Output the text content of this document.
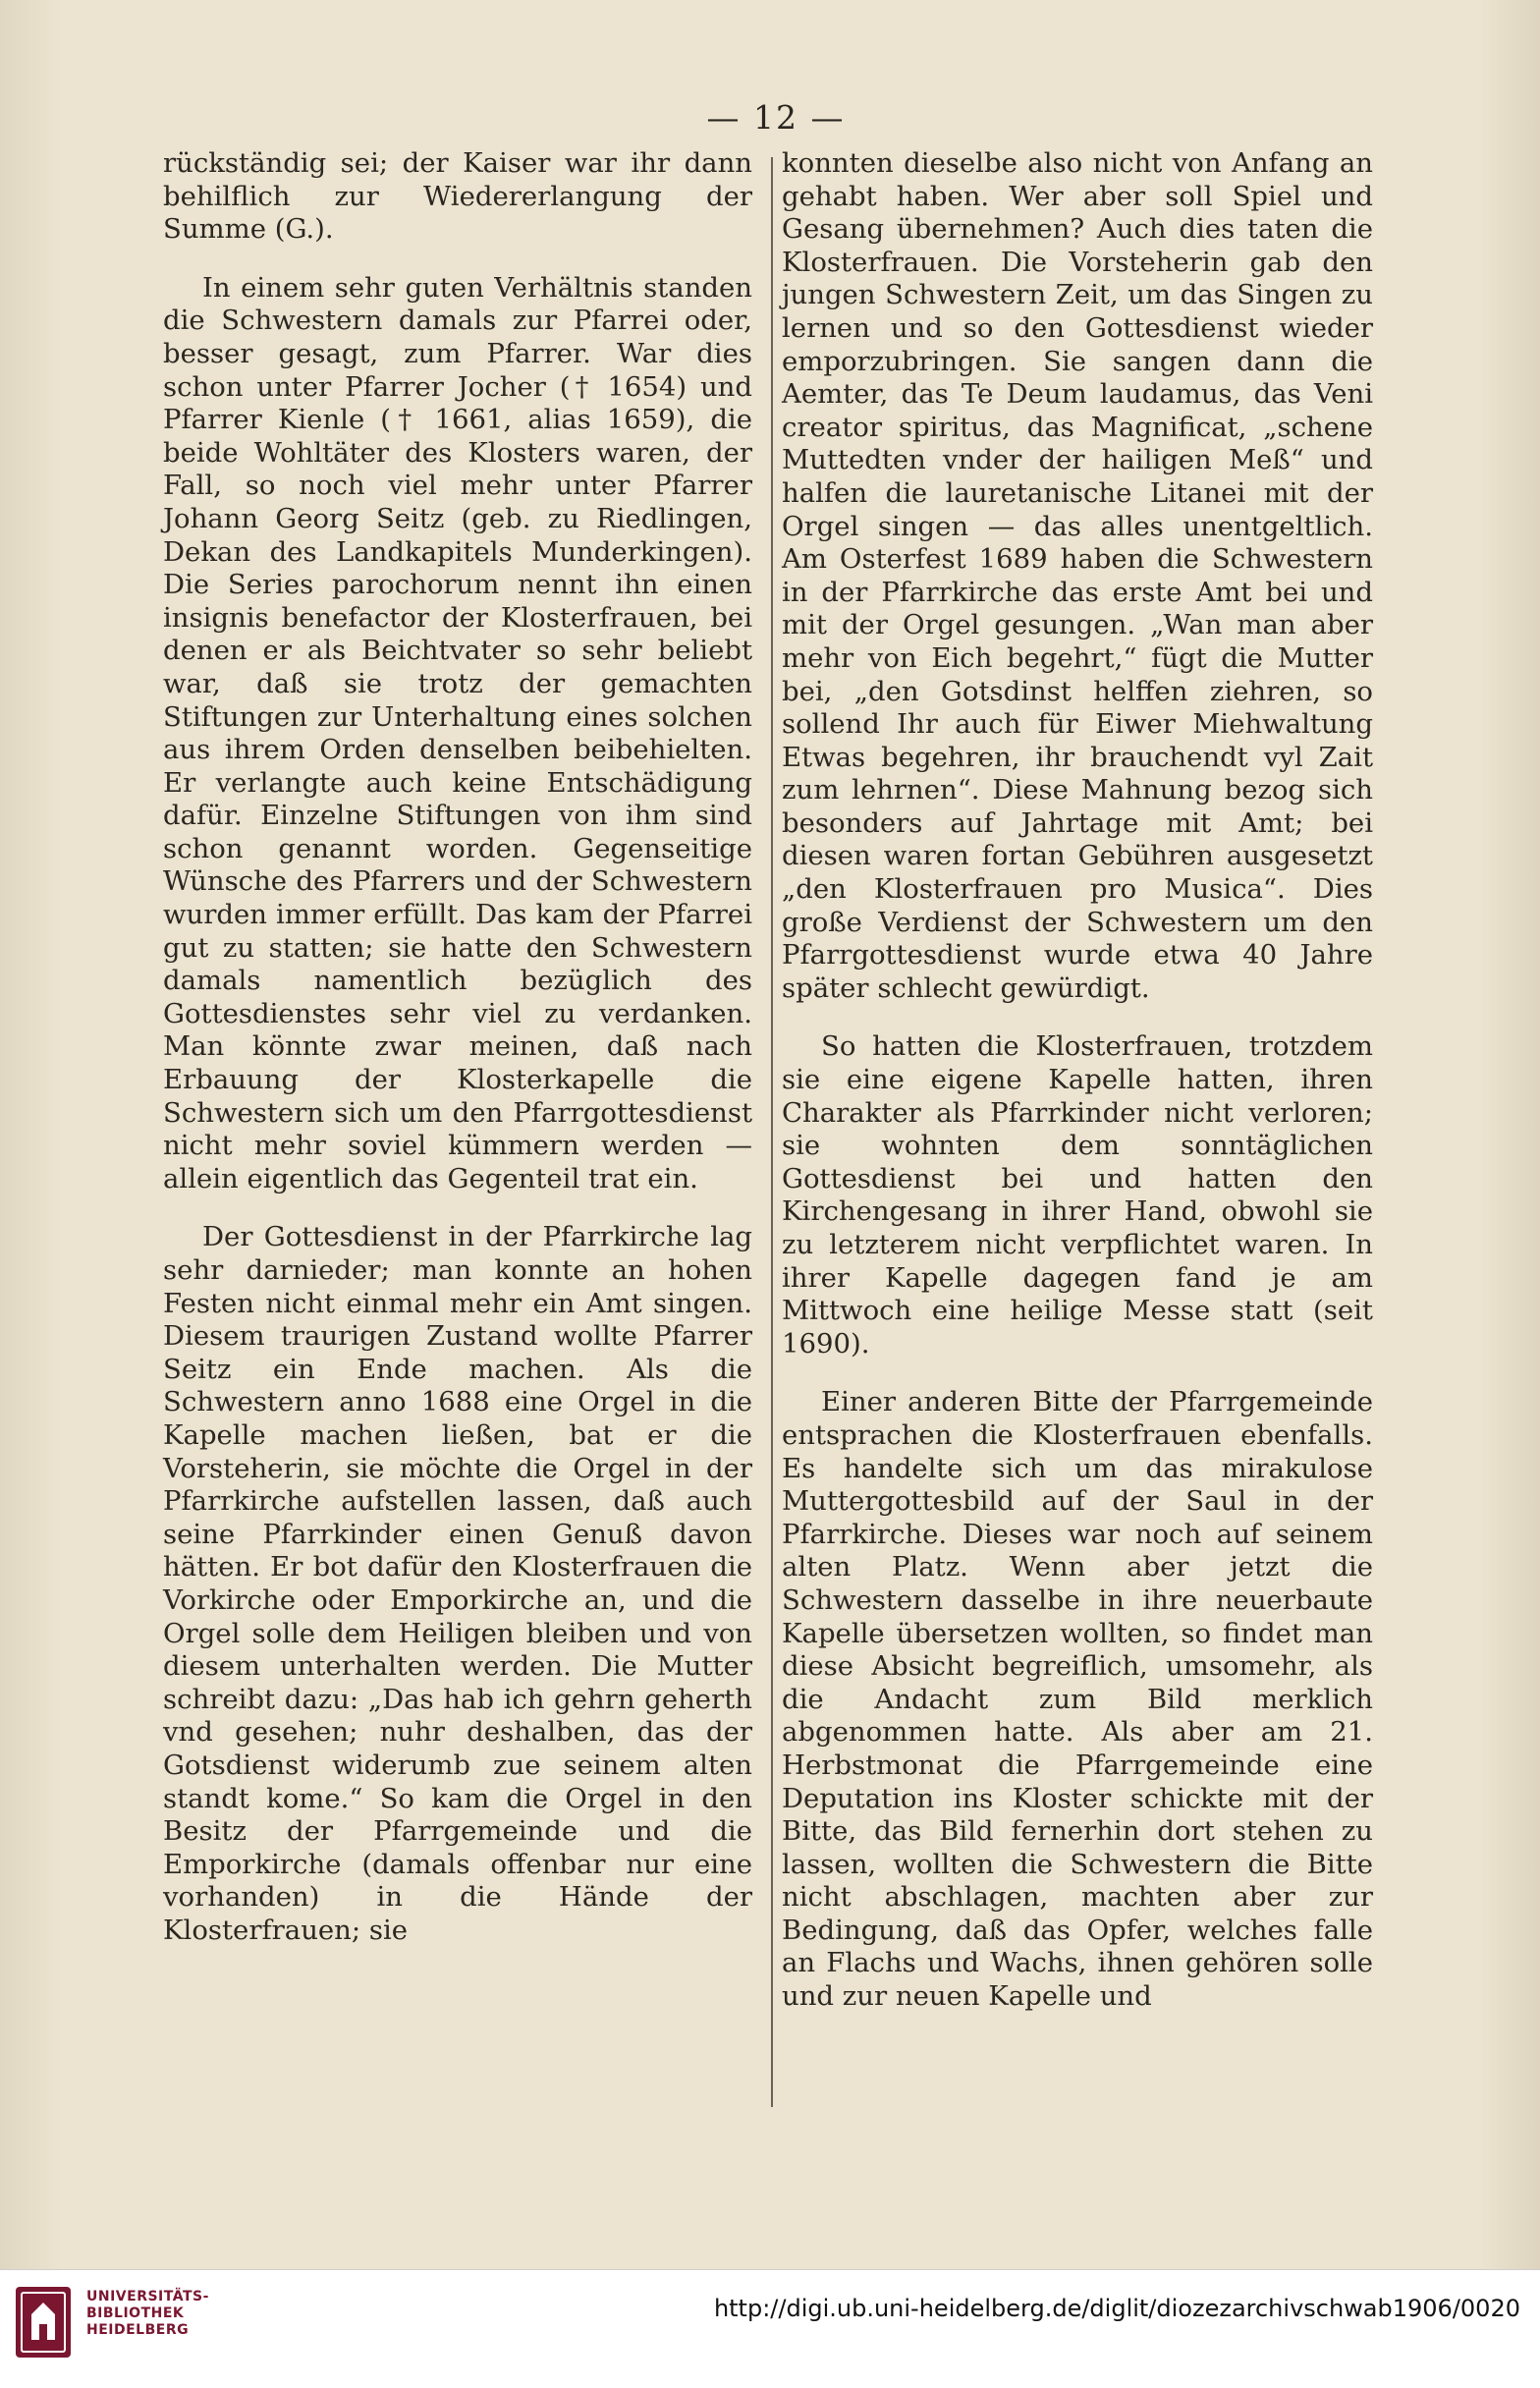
— 12 —

rückständig sei; der Kaiser war ihr dann behilflich zur Wiedererlangung der Summe (G.).

In einem sehr guten Verhältnis standen die Schwestern damals zur Pfarrei oder, besser gesagt, zum Pfarrer. War dies schon unter Pfarrer Jocher († 1654) und Pfarrer Kienle († 1661, alias 1659), die beide Wohltäter des Klosters waren, der Fall, so noch viel mehr unter Pfarrer Johann Georg Seitz (geb. zu Riedlingen, Dekan des Landkapitels Munderkingen). Die Series parochorum nennt ihn einen insignis benefactor der Klosterfrauen, bei denen er als Beichtvater so sehr beliebt war, daß sie trotz der gemachten Stiftungen zur Unterhaltung eines solchen aus ihrem Orden denselben beibehielten. Er verlangte auch keine Entschädigung dafür. Einzelne Stiftungen von ihm sind schon genannt worden. Gegenseitige Wünsche des Pfarrers und der Schwestern wurden immer erfüllt. Das kam der Pfarrei gut zu statten; sie hatte den Schwestern damals namentlich bezüglich des Gottesdienstes sehr viel zu verdanken. Man könnte zwar meinen, daß nach Erbauung der Klosterkapelle die Schwestern sich um den Pfarrgottesdienst nicht mehr soviel kümmern werden — allein eigentlich das Gegenteil trat ein.

Der Gottesdienst in der Pfarrkirche lag sehr darnieder; man konnte an hohen Festen nicht einmal mehr ein Amt singen. Diesem traurigen Zustand wollte Pfarrer Seitz ein Ende machen. Als die Schwestern anno 1688 eine Orgel in die Kapelle machen ließen, bat er die Vorsteherin, sie möchte die Orgel in der Pfarrkirche aufstellen lassen, daß auch seine Pfarrkinder einen Genuß davon hätten. Er bot dafür den Klosterfrauen die Vorkirche oder Emporkirche an, und die Orgel solle dem Heiligen bleiben und von diesem unterhalten werden. Die Mutter schreibt dazu: „Das hab ich gehrn geherth vnd gesehen; nuhr deshalben, das der Gotsdienst widerumb zue seinem alten standt kome.“ So kam die Orgel in den Besitz der Pfarrgemeinde und die Emporkirche (damals offenbar nur eine vorhanden) in die Hände der Klosterfrauen; sie

konnten dieselbe also nicht von Anfang an gehabt haben. Wer aber soll Spiel und Gesang übernehmen? Auch dies taten die Klosterfrauen. Die Vorsteherin gab den jungen Schwestern Zeit, um das Singen zu lernen und so den Gottesdienst wieder emporzubringen. Sie sangen dann die Aemter, das Te Deum laudamus, das Veni creator spiritus, das Magnificat, „schene Muttedten vnder der hailigen Meß“ und halfen die lauretanische Litanei mit der Orgel singen — das alles unentgeltlich. Am Osterfest 1689 haben die Schwestern in der Pfarrkirche das erste Amt bei und mit der Orgel gesungen. „Wan man aber mehr von Eich begehrt,“ fügt die Mutter bei, „den Gotsdinst helffen ziehren, so sollend Ihr auch für Eiwer Miehwaltung Etwas begehren, ihr brauchendt vyl Zait zum lehrnen“. Diese Mahnung bezog sich besonders auf Jahrtage mit Amt; bei diesen waren fortan Gebühren ausgesetzt „den Klosterfrauen pro Musica“. Dies große Verdienst der Schwestern um den Pfarrgottesdienst wurde etwa 40 Jahre später schlecht gewürdigt.

So hatten die Klosterfrauen, trotzdem sie eine eigene Kapelle hatten, ihren Charakter als Pfarrkinder nicht verloren; sie wohnten dem sonntäglichen Gottesdienst bei und hatten den Kirchengesang in ihrer Hand, obwohl sie zu letzterem nicht verpflichtet waren. In ihrer Kapelle dagegen fand je am Mittwoch eine heilige Messe statt (seit 1690).

Einer anderen Bitte der Pfarrgemeinde entsprachen die Klosterfrauen ebenfalls. Es handelte sich um das mirakulose Muttergottesbild auf der Saul in der Pfarrkirche. Dieses war noch auf seinem alten Platz. Wenn aber jetzt die Schwestern dasselbe in ihre neuerbaute Kapelle übersetzen wollten, so findet man diese Absicht begreiflich, umsomehr, als die Andacht zum Bild merklich abgenommen hatte. Als aber am 21. Herbstmonat die Pfarrgemeinde eine Deputation ins Kloster schickte mit der Bitte, das Bild fernerhin dort stehen zu lassen, wollten die Schwestern die Bitte nicht abschlagen, machten aber zur Bedingung, daß das Opfer, welches falle an Flachs und Wachs, ihnen gehören solle und zur neuen Kapelle und

UNIVERSITÄTS-
BIBLIOTHEK
HEIDELBERG
http://digi.ub.uni-heidelberg.de/diglit/diozezarchivschwab1906/0020
